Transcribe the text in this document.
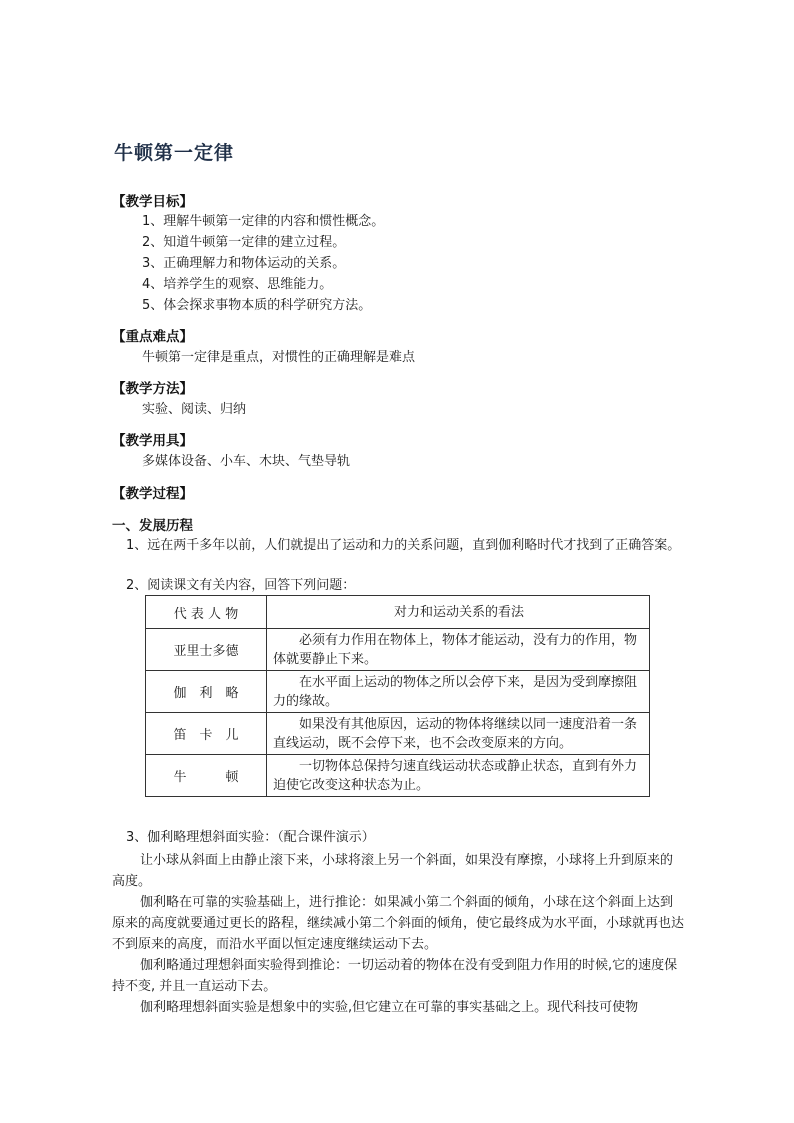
牛顿第一定律
【教学目标】
1、理解牛顿第一定律的内容和惯性概念。
2、知道牛顿第一定律的建立过程。
3、正确理解力和物体运动的关系。
4、培养学生的观察、思维能力。
5、体会探求事物本质的科学研究方法。
【重点难点】
牛顿第一定律是重点，对惯性的正确理解是难点
【教学方法】
实验、阅读、归纳
【教学用具】
多媒体设备、小车、木块、气垫导轨
【教学过程】
一、发展历程
1、远在两千多年以前，人们就提出了运动和力的关系问题，直到伽利略时代才找到了正确答案。
2、阅读课文有关内容，回答下列问题：
代 表 人 物	对力和运动关系的看法
亚里士多德	必须有力作用在物体上，物体才能运动，没有力的作用，物体就要静止下来。
伽　利　略	在水平面上运动的物体之所以会停下来，是因为受到摩擦阻力的缘故。
笛　卡　儿	如果没有其他原因，运动的物体将继续以同一速度沿着一条直线运动，既不会停下来，也不会改变原来的方向。
牛　　　顿	一切物体总保持匀速直线运动状态或静止状态，直到有外力迫使它改变这种状态为止。
3、伽利略理想斜面实验：（配合课件演示）
让小球从斜面上由静止滚下来，小球将滚上另一个斜面，如果没有摩擦，小球将上升到原来的高度。
伽利略在可靠的实验基础上，进行推论：如果减小第二个斜面的倾角，小球在这个斜面上达到原来的高度就要通过更长的路程，继续减小第二个斜面的倾角，使它最终成为水平面，小球就再也达不到原来的高度，而沿水平面以恒定速度继续运动下去。
伽利略通过理想斜面实验得到推论：一切运动着的物体在没有受到阻力作用的时候,它的速度保持不变, 并且一直运动下去。
伽利略理想斜面实验是想象中的实验,但它建立在可靠的事实基础之上。现代科技可使物
